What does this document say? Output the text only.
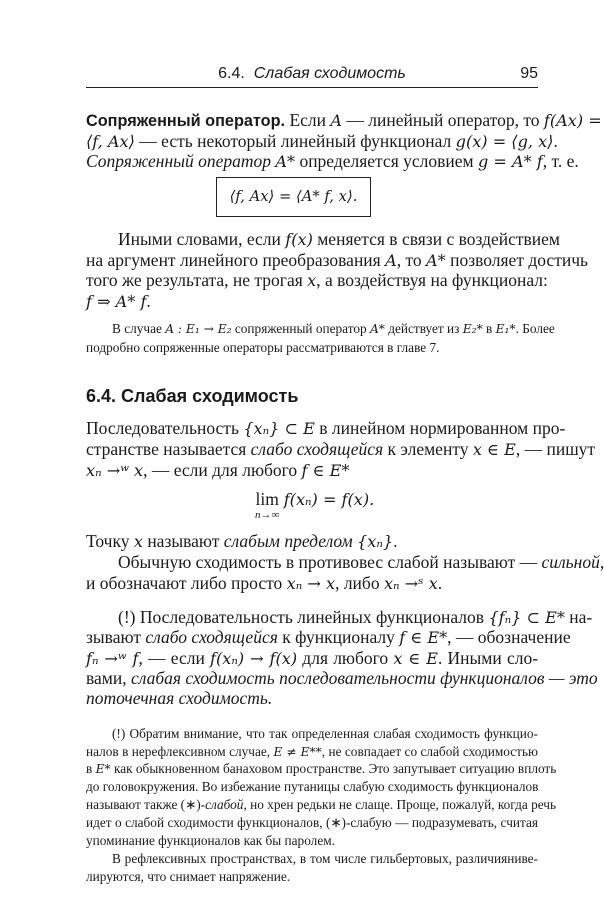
6.4. Слабая сходимость	95
⟨f, Ax⟩ = ⟨A* f, x⟩.
6.4. Слабая сходимость
lim
n→∞
f(xₙ) = f(x).
Сопряженный оператор. Если A — линейный оператор, то f(Ax) =
⟨f, Ax⟩ — есть некоторый линейный функционал g(x) = ⟨g, x⟩.
Сопряженный оператор A* определяется условием g = A* f, т. е.
Иными словами, если f(x) меняется в связи с воздействием
на аргумент линейного преобразования A, то A* позволяет достичь
того же результата, не трогая x, а воздействуя на функционал:
f ⇒ A* f.
В случае A : E₁ → E₂ сопряженный оператор A* действует из E₂* в E₁*. Более
подробно сопряженные операторы рассматриваются в главе 7.
Последовательность {xₙ} ⊂ E в линейном нормированном про-
странстве называется слабо сходящейся к элементу x ∈ E, — пишут
xₙ →ʷ x, — если для любого f ∈ E*
Точку x называют слабым пределом {xₙ}.
Обычную сходимость в противовес слабой называют — сильной,
и обозначают либо просто xₙ → x, либо xₙ →ˢ x.
(!) Последовательность линейных функционалов {fₙ} ⊂ E* на-
зывают слабо сходящейся к функционалу f ∈ E*, — обозначение
fₙ →ʷ f, — если f(xₙ) → f(x) для любого x ∈ E. Иными сло-
вами, слабая сходимость последовательности функционалов — это
поточечная сходимость.
(!) Обратим внимание, что так определенная слабая сходимость функцио-
налов в нерефлексивном случае, E ≠ E**, не совпадает со слабой сходимостью
в E* как обыкновенном банаховом пространстве. Это запутывает ситуацию вплоть
до головокружения. Во избежание путаницы слабую сходимость функционалов
называют также (∗)-слабой, но хрен редьки не слаще. Проще, пожалуй, когда речь
идет о слабой сходимости функционалов, (∗)-слабую — подразумевать, считая
упоминание функционалов как бы паролем.
В рефлексивных пространствах, в том числе гильбертовых, различияниве-
лируются, что снимает напряжение.
